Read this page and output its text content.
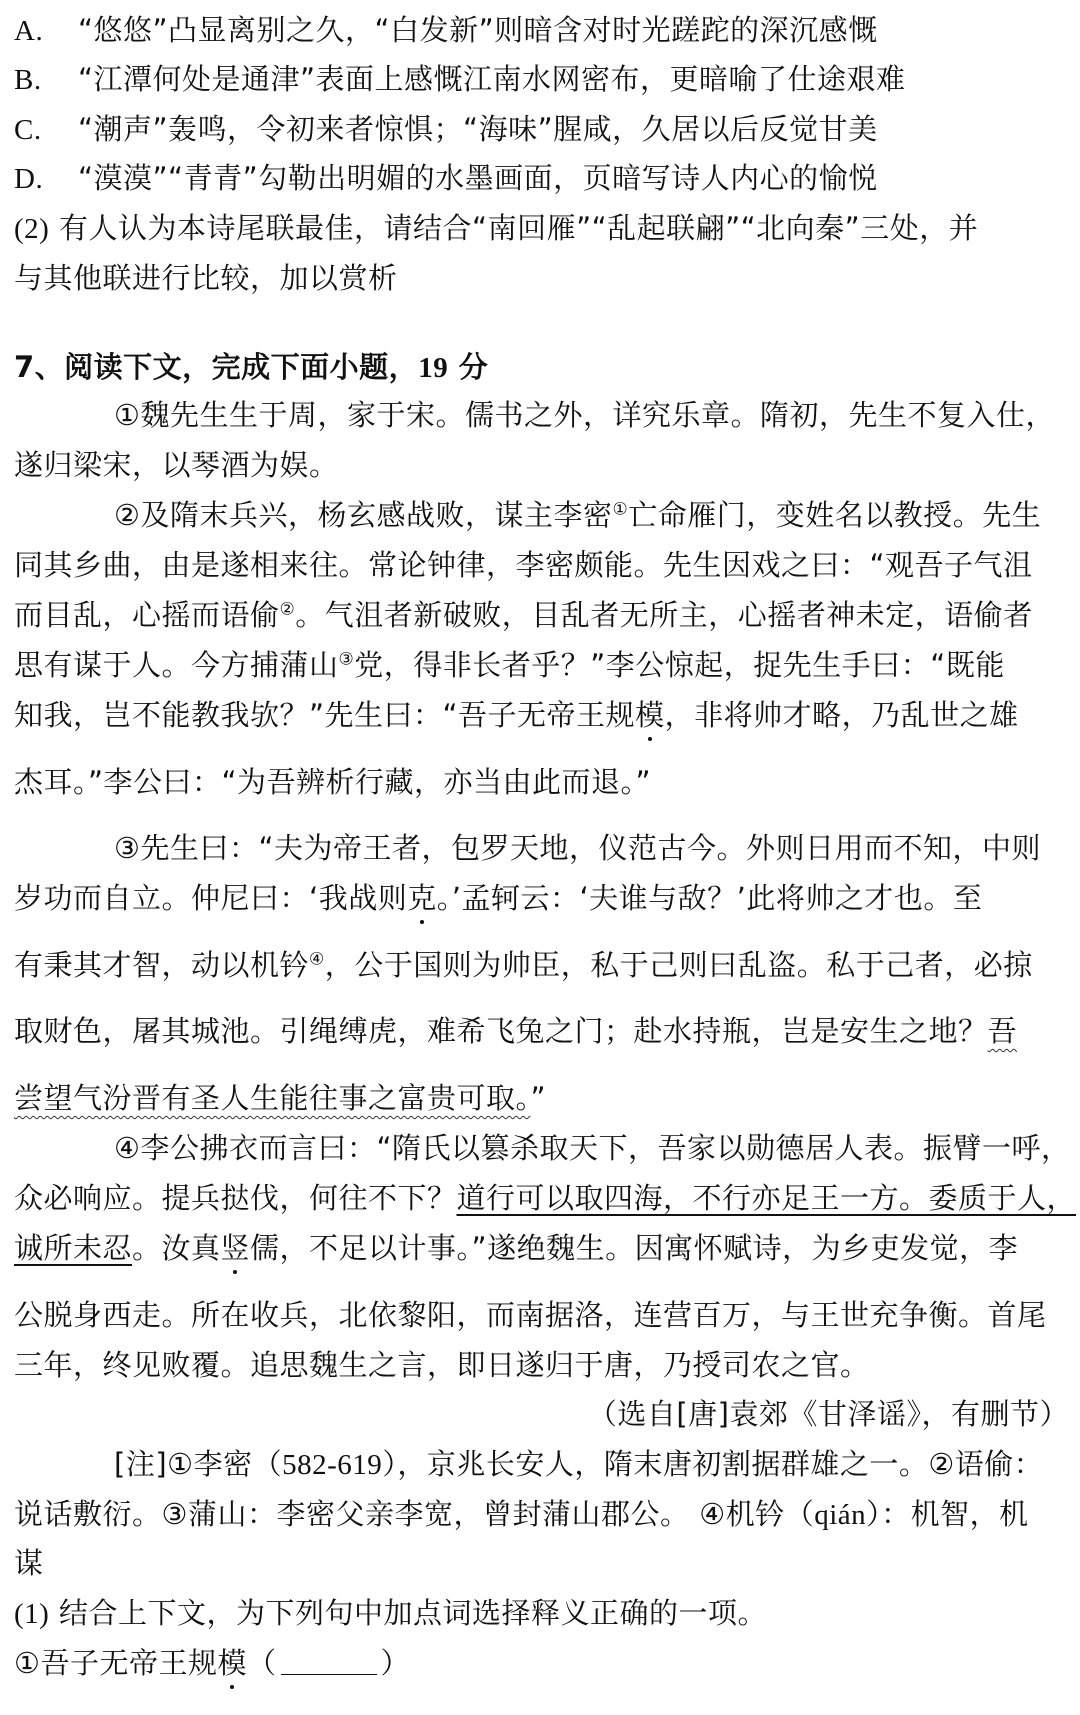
A. “悠悠”凸显离别之久，“白发新”则暗含对时光蹉跎的深沉感慨
B. “江潭何处是通津”表面上感慨江南水网密布，更暗喻了仕途艰难
C. “潮声”轰鸣，令初来者惊惧；“海味”腥咸，久居以后反觉甘美
D. “漠漠”“青青”勾勒出明媚的水墨画面，页暗写诗人内心的愉悦
(2) 有人认为本诗尾联最佳，请结合“南回雁”“乱起联翩”“北向秦”三处，并
与其他联进行比较，加以赏析
7、阅读下文，完成下面小题，19 分
①魏先生生于周，家于宋。儒书之外，详究乐章。隋初，先生不复入仕，
遂归梁宋，以琴酒为娱。
②及隋末兵兴，杨玄感战败，谋主李密①亡命雁门，变姓名以教授。先生
同其乡曲，由是遂相来往。常论钟律，李密颇能。先生因戏之曰：“观吾子气沮
而目乱，心摇而语偷②。气沮者新破败，目乱者无所主，心摇者神未定，语偷者
思有谋于人。今方捕蒲山③党，得非长者乎？”李公惊起，捉先生手曰：“既能
知我，岂不能教我欤？”先生曰：“吾子无帝王规模，非将帅才略，乃乱世之雄
杰耳。”李公曰：“为吾辨析行藏，亦当由此而退。”
③先生曰：“夫为帝王者，包罗天地，仪范古今。外则日用而不知，中则
岁功而自立。仲尼曰：‘我战则克。’孟轲云：‘夫谁与敌？’此将帅之才也。至
有秉其才智，动以机钤④，公于国则为帅臣，私于己则曰乱盗。私于己者，必掠
取财色，屠其城池。引绳缚虎，难希飞兔之门；赴水持瓶，岂是安生之地？吾
尝望气汾晋有圣人生能往事之富贵可取。”
④李公拂衣而言曰：“隋氏以篡杀取天下，吾家以勋德居人表。振臂一呼，
众必响应。提兵挞伐，何往不下？道行可以取四海，不行亦足王一方。委质于人，
诚所未忍。汝真竖儒，不足以计事。”遂绝魏生。因寓怀赋诗，为乡吏发觉，李
公脱身西走。所在收兵，北依黎阳，而南据洛，连营百万，与王世充争衡。首尾
三年，终见败覆。追思魏生之言，即日遂归于唐，乃授司农之官。
（选自[唐]袁郊《甘泽谣》，有删节）
[注]①李密（582-619），京兆长安人，隋末唐初割据群雄之一。②语偷：
说话敷衍。③蒲山：李密父亲李宽，曾封蒲山郡公。 ④机钤（qián）：机智，机
谋
(1) 结合上下文，为下列句中加点词选择释义正确的一项。
①吾子无帝王规模（	）
